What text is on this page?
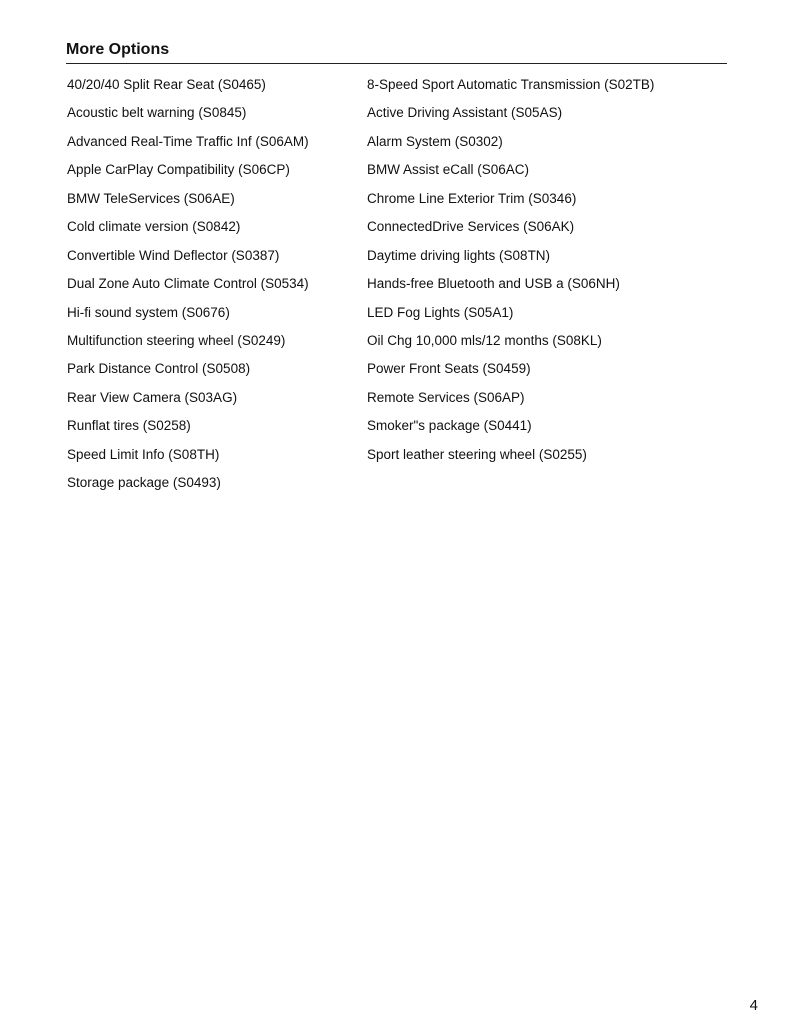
More Options
40/20/40 Split Rear Seat (S0465)	8-Speed Sport Automatic Transmission (S02TB)
Acoustic belt warning (S0845)	Active Driving Assistant (S05AS)
Advanced Real-Time Traffic Inf (S06AM)	Alarm System (S0302)
Apple CarPlay Compatibility (S06CP)	BMW Assist eCall (S06AC)
BMW TeleServices (S06AE)	Chrome Line Exterior Trim (S0346)
Cold climate version (S0842)	ConnectedDrive Services (S06AK)
Convertible Wind Deflector (S0387)	Daytime driving lights (S08TN)
Dual Zone Auto Climate Control (S0534)	Hands-free Bluetooth and USB a (S06NH)
Hi-fi sound system (S0676)	LED Fog Lights (S05A1)
Multifunction steering wheel (S0249)	Oil Chg 10,000 mls/12 months (S08KL)
Park Distance Control (S0508)	Power Front Seats (S0459)
Rear View Camera (S03AG)	Remote Services (S06AP)
Runflat tires (S0258)	Smoker"s package (S0441)
Speed Limit Info (S08TH)	Sport leather steering wheel (S0255)
Storage package (S0493)
4
